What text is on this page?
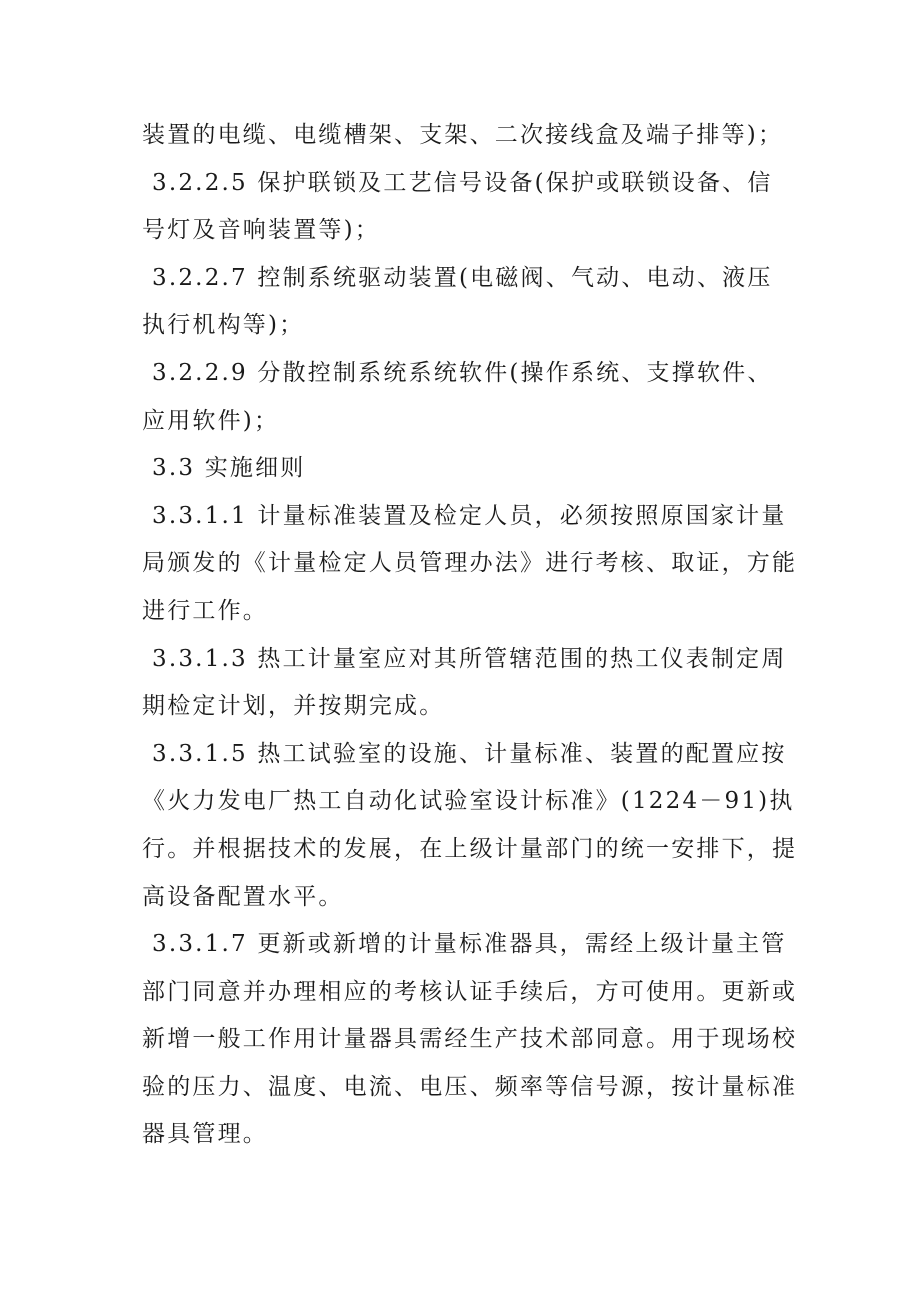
装置的电缆、电缆槽架、支架、二次接线盒及端子排等)；
3.2.2.5 保护联锁及工艺信号设备(保护或联锁设备、信
号灯及音响装置等)；
3.2.2.7 控制系统驱动装置(电磁阀、气动、电动、液压
执行机构等)；
3.2.2.9 分散控制系统系统软件(操作系统、支撑软件、
应用软件)；
3.3 实施细则
3.3.1.1 计量标准装置及检定人员，必须按照原国家计量
局颁发的《计量检定人员管理办法》进行考核、取证，方能
进行工作。
3.3.1.3 热工计量室应对其所管辖范围的热工仪表制定周
期检定计划，并按期完成。
3.3.1.5 热工试验室的设施、计量标准、装置的配置应按
《火力发电厂热工自动化试验室设计标准》(1224－91)执
行。并根据技术的发展，在上级计量部门的统一安排下，提
高设备配置水平。
3.3.1.7 更新或新增的计量标准器具，需经上级计量主管
部门同意并办理相应的考核认证手续后，方可使用。更新或
新增一般工作用计量器具需经生产技术部同意。用于现场校
验的压力、温度、电流、电压、频率等信号源，按计量标准
器具管理。
